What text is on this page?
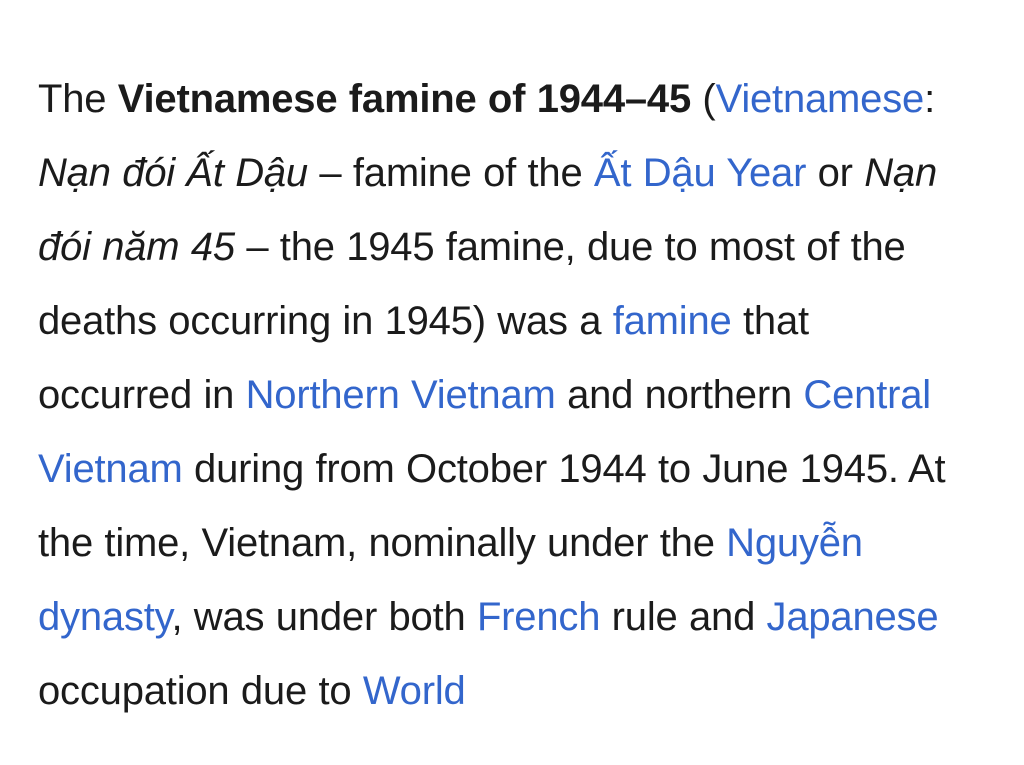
The Vietnamese famine of 1944–45 (Vietnamese: Nạn đói Ất Dậu – famine of the Ất Dậu Year or Nạn đói năm 45 – the 1945 famine, due to most of the deaths occurring in 1945) was a famine that occurred in Northern Vietnam and northern Central Vietnam during from October 1944 to June 1945. At the time, Vietnam, nominally under the Nguyễn dynasty, was under both French rule and Japanese occupation due to World
